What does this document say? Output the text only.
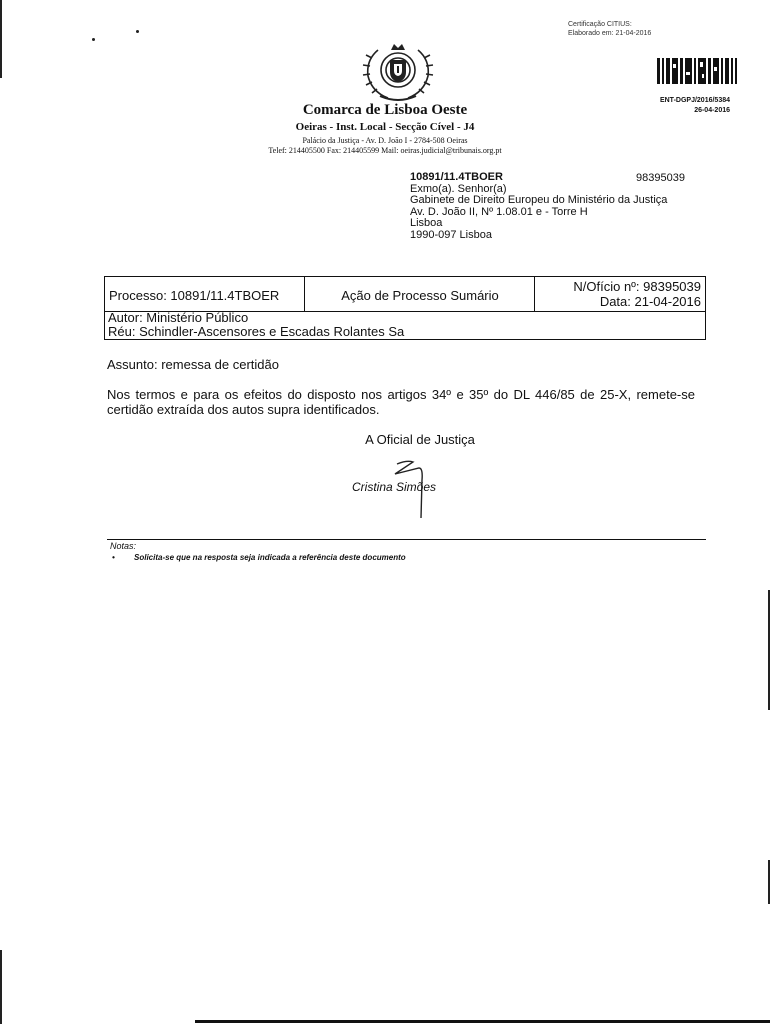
Certificação CITIUS:
Elaborado em: 21-04-2016
ENT-DGPJ/2016/5384
26-04-2016
Comarca de Lisboa Oeste
Oeiras - Inst. Local - Secção Cível - J4
Palácio da Justiça - Av. D. João I - 2784-508 Oeiras
Telef: 214405500 Fax: 214405599 Mail: oeiras.judicial@tribunais.org.pt
10891/11.4TBOER
Exmo(a). Senhor(a)
Gabinete de Direito Europeu do Ministério da Justiça
Av. D. João II, Nº 1.08.01 e - Torre H
Lisboa
1990-097 Lisboa
98395039
Processo: 10891/11.4TBOER	Ação de Processo Sumário
N/Ofício nº: 98395039
Data: 21-04-2016
Autor: Ministério Público
Réu: Schindler-Ascensores e Escadas Rolantes Sa
Assunto: remessa de certidão
Nos termos e para os efeitos do disposto nos artigos 34º e 35º do DL 446/85 de 25-X, remete-se certidão extraída dos autos supra identificados.
A Oficial de Justiça
Cristina Simões
Notas:
• Solicita-se que na resposta seja indicada a referência deste documento
